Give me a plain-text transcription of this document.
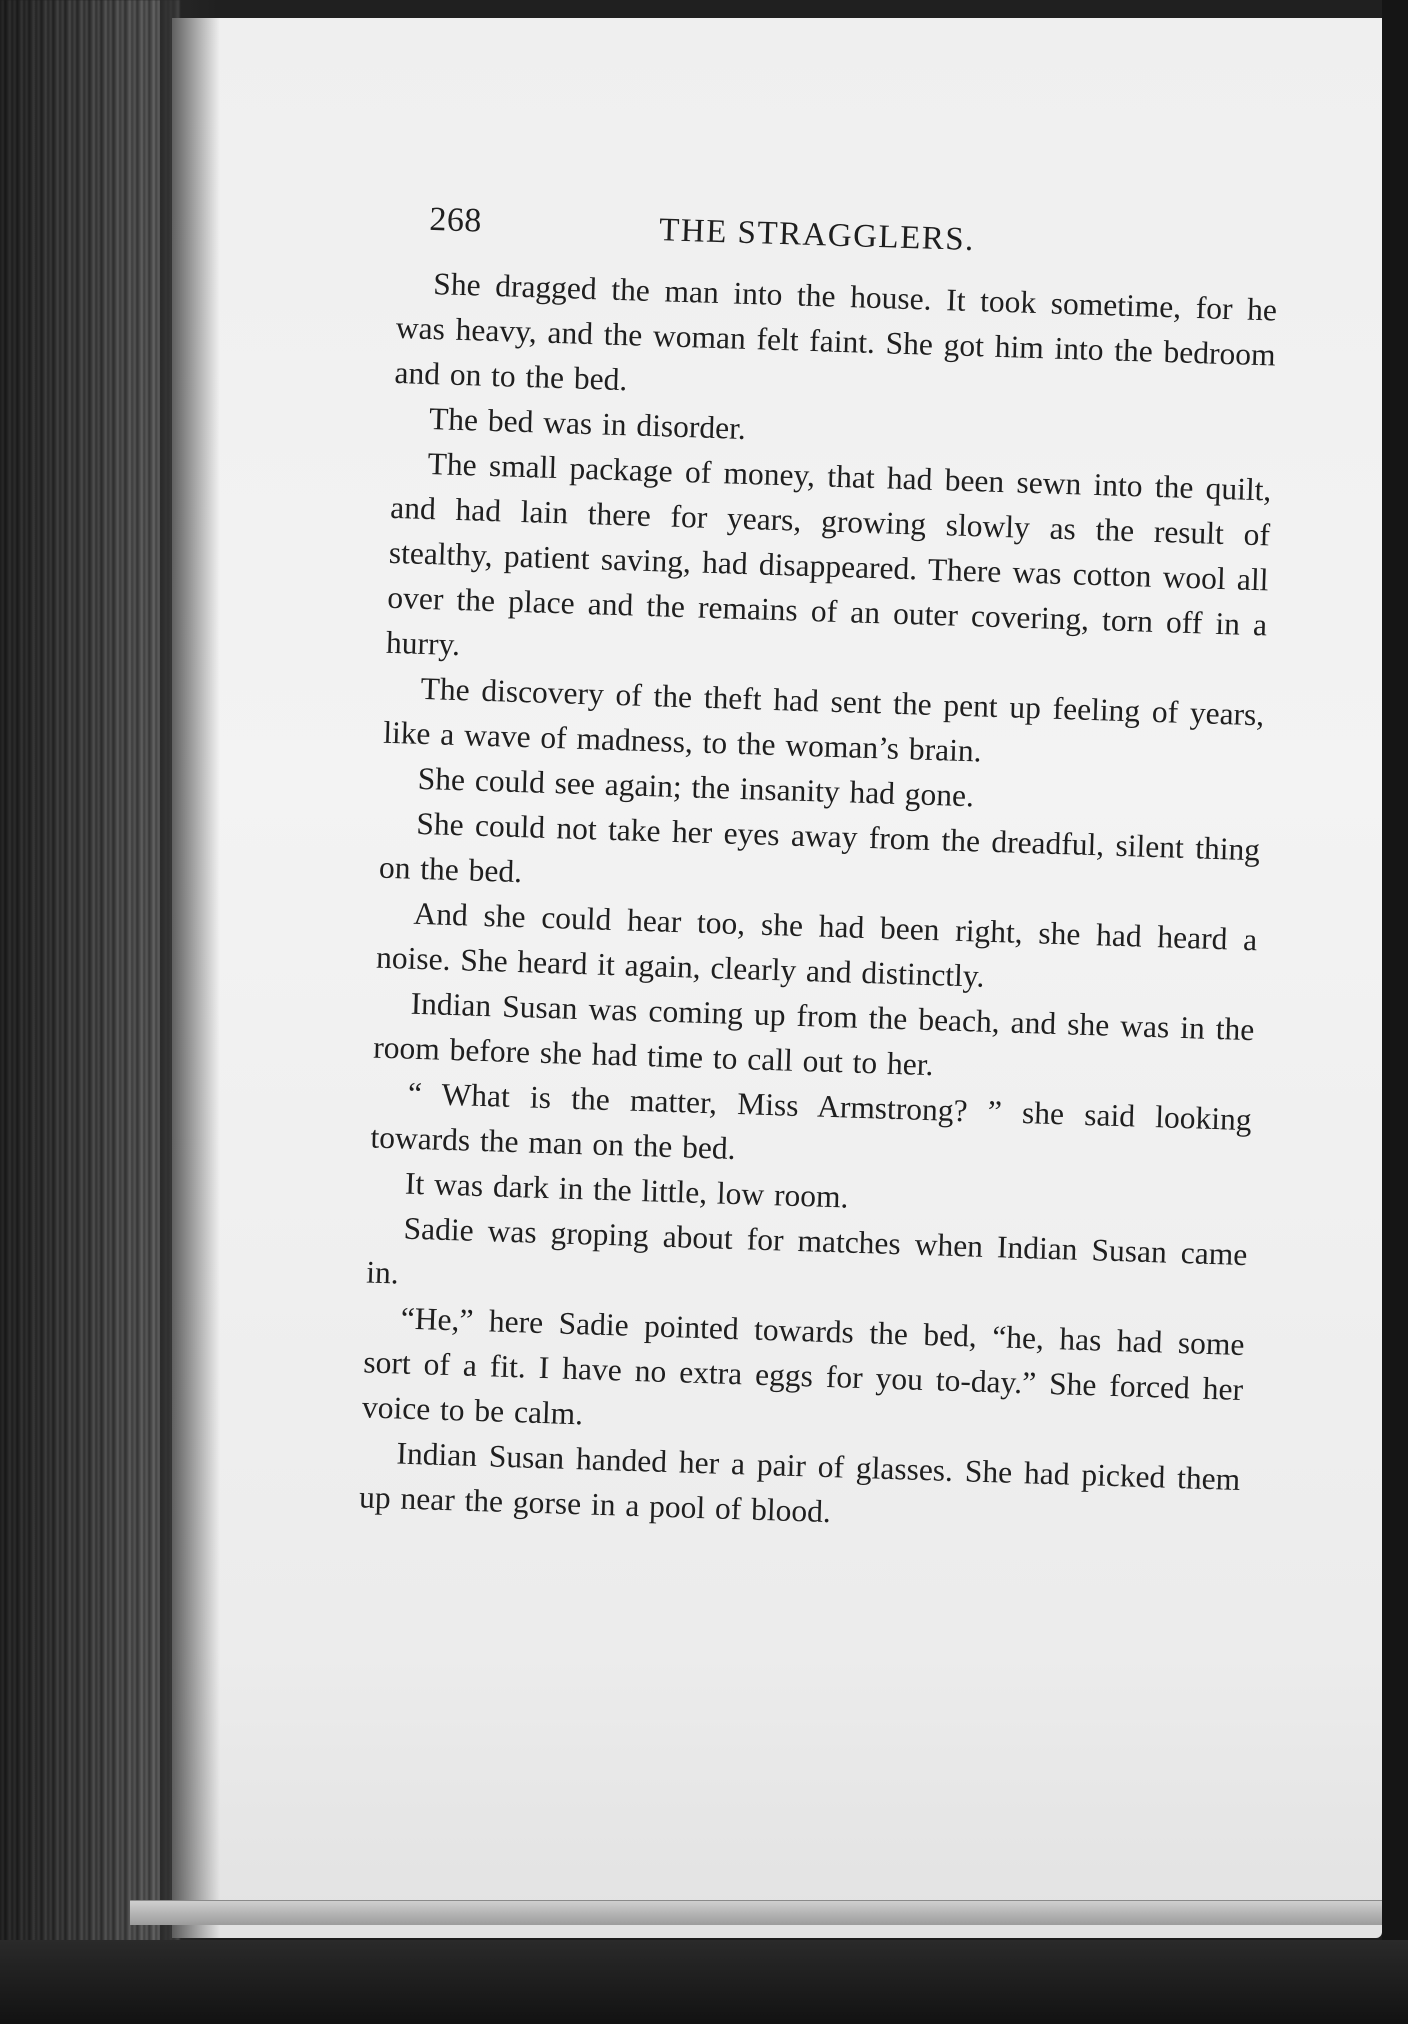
268	THE STRAGGLERS.

She dragged the man into the house. It took sometime, for he was heavy, and the woman felt faint. She got him into the bedroom and on to the bed.

The bed was in disorder.

The small package of money, that had been sewn into the quilt, and had lain there for years, growing slowly as the result of stealthy, patient saving, had disappeared. There was cotton wool all over the place and the remains of an outer covering, torn off in a hurry.

The discovery of the theft had sent the pent up feeling of years, like a wave of madness, to the woman’s brain.

She could see again; the insanity had gone.

She could not take her eyes away from the dreadful, silent thing on the bed.

And she could hear too, she had been right, she had heard a noise. She heard it again, clearly and distinctly.

Indian Susan was coming up from the beach, and she was in the room before she had time to call out to her.

“ What is the matter, Miss Armstrong? ” she said looking towards the man on the bed.

It was dark in the little, low room.

Sadie was groping about for matches when Indian Susan came in.

“He,” here Sadie pointed towards the bed, “he, has had some sort of a fit. I have no extra eggs for you to-day.” She forced her voice to be calm.

Indian Susan handed her a pair of glasses. She had picked them up near the gorse in a pool of blood.
